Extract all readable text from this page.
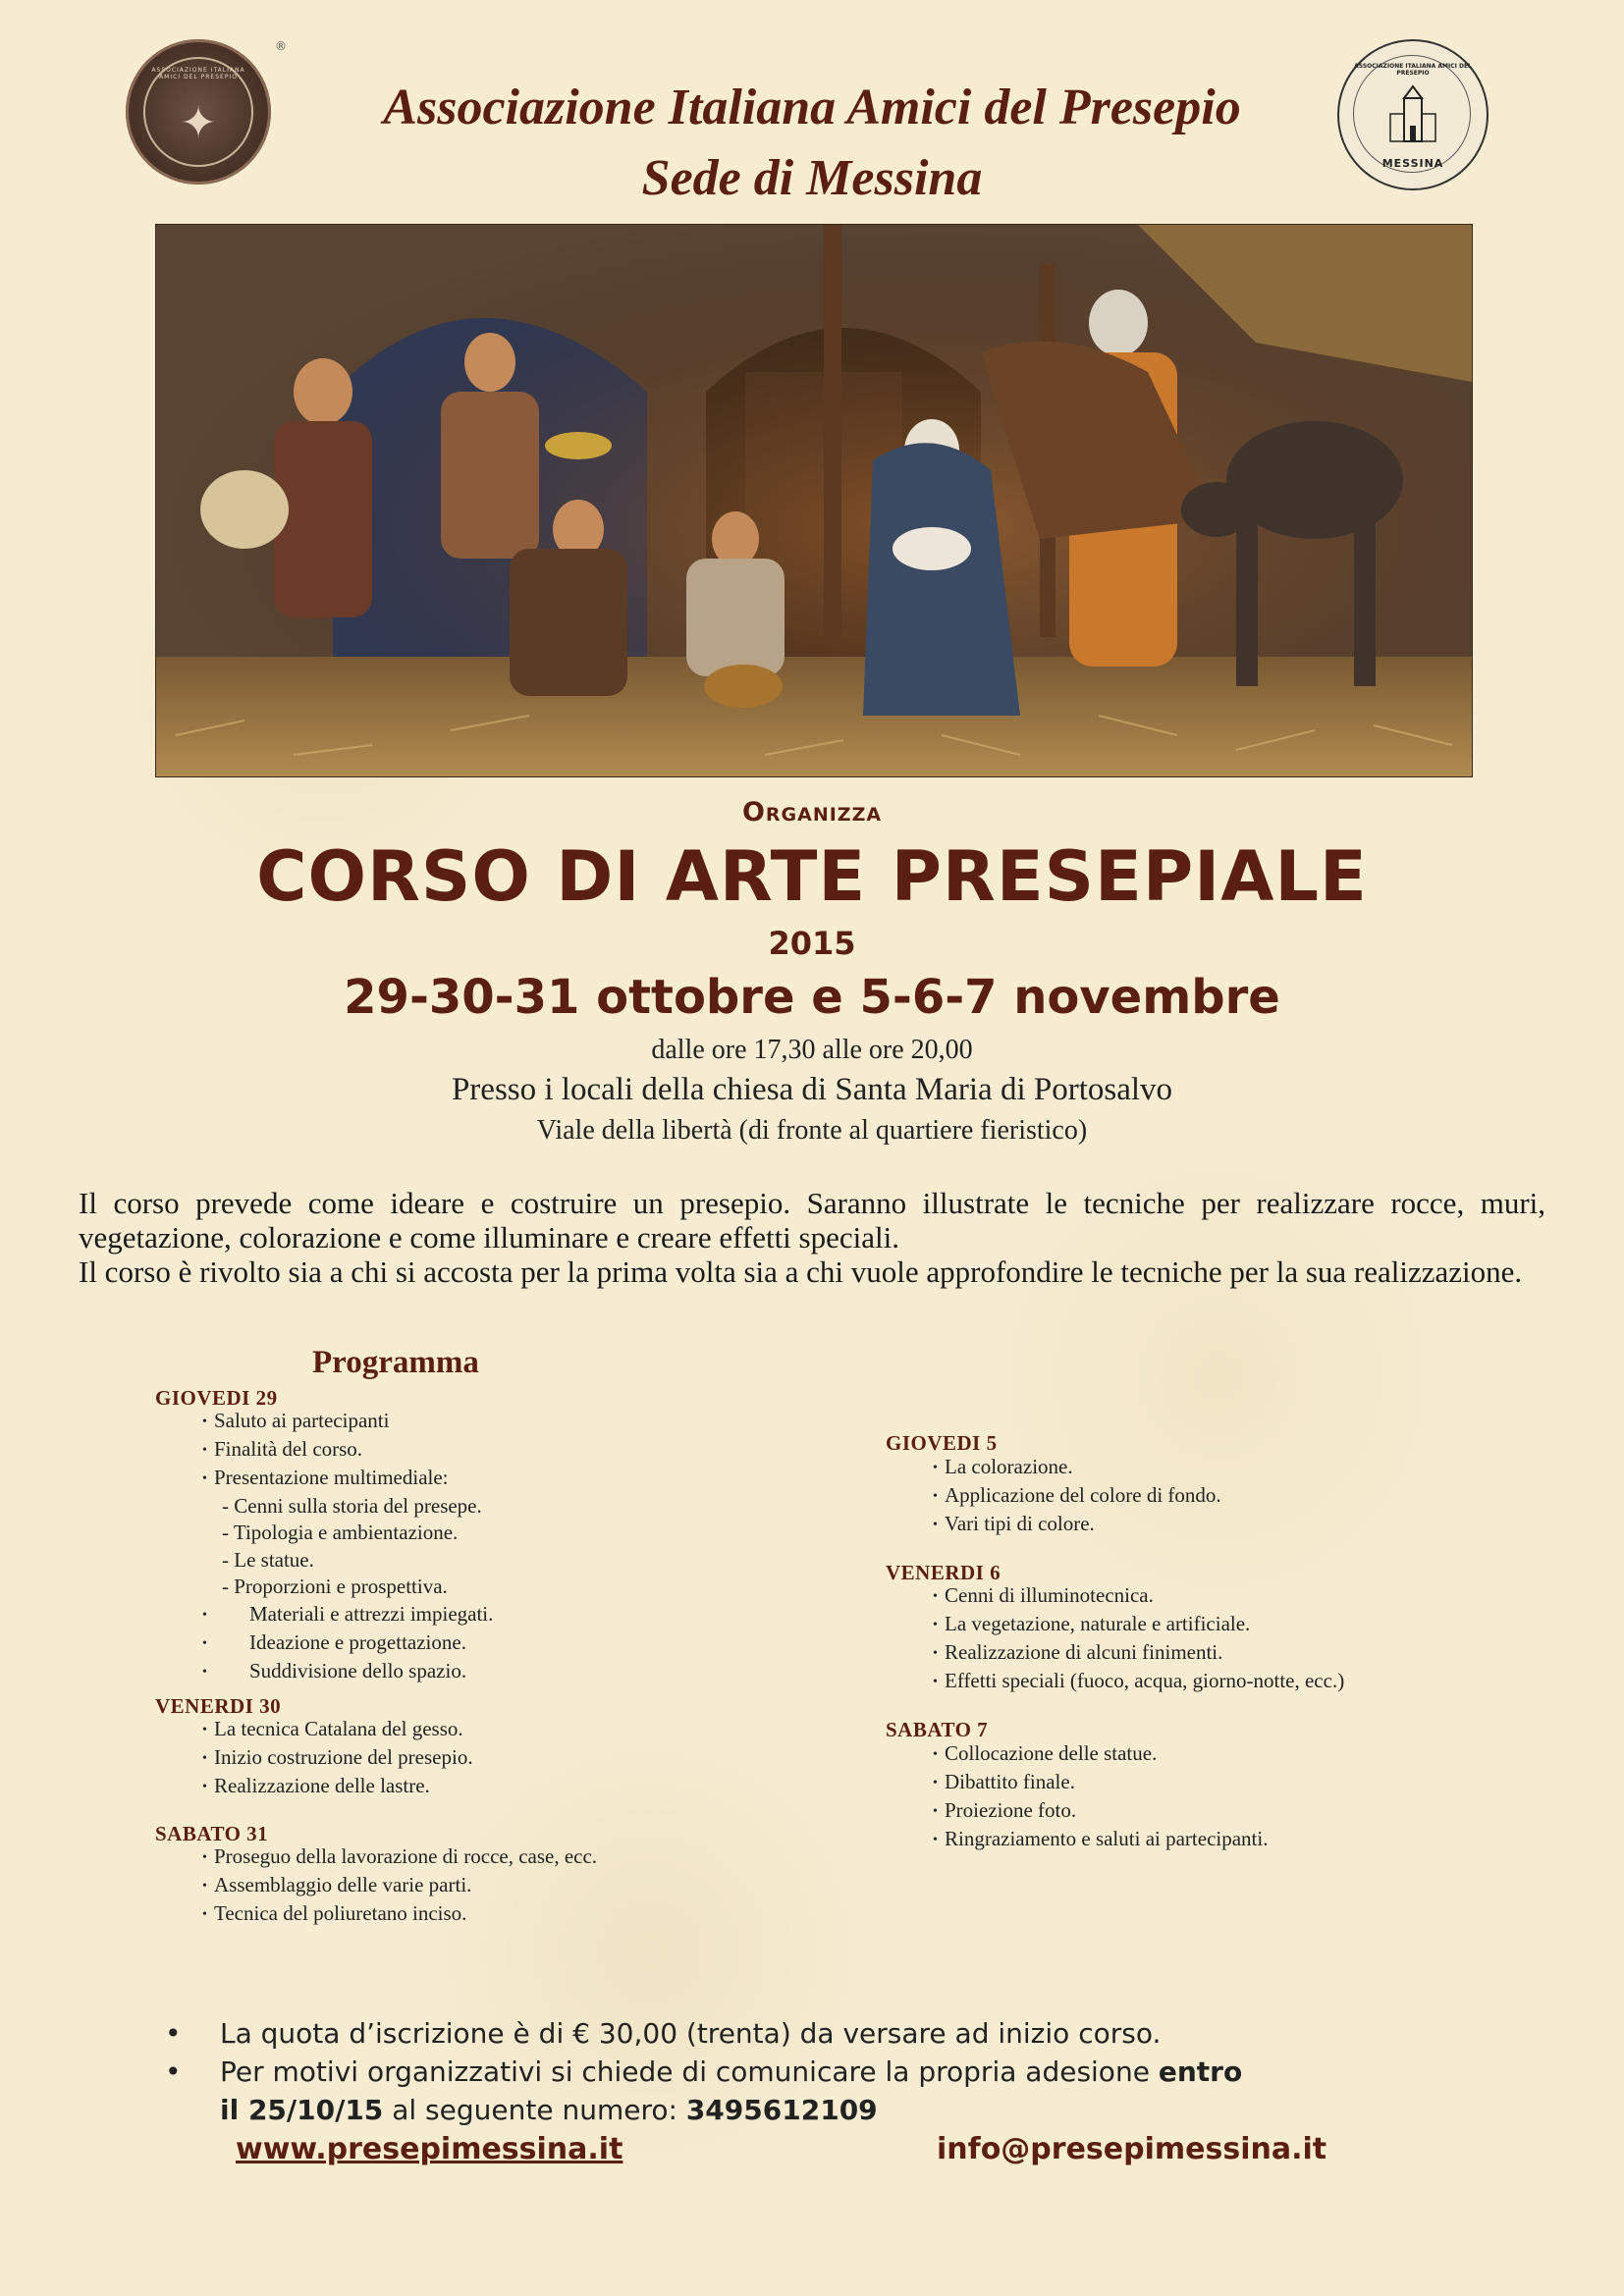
ASSOCIAZIONE ITALIANA AMICI DEL PRESEPIO
✦
®
ASSOCIAZIONE ITALIANA AMICI DEL PRESEPIO
MESSINA
Associazione Italiana Amici del Presepio
Sede di Messina
Organizza
CORSO DI ARTE PRESEPIALE
2015
29-30-31 ottobre e 5-6-7 novembre
dalle ore 17,30 alle ore 20,00
Presso i locali della chiesa di Santa Maria di Portosalvo
Viale della libertà (di fronte al quartiere fieristico)

Il corso prevede come ideare e costruire un presepio. Saranno illustrate le tecniche per realizzare rocce, muri, vegetazione, colorazione e come illuminare e creare effetti speciali.

Il corso è rivolto sia a chi si accosta per la prima volta sia a chi vuole approfondire le tecniche per la sua realizzazione.

Programma
GIOVEDI 29
• Saluto ai partecipanti
• Finalità del corso.
• Presentazione multimediale:
- Cenni sulla storia del presepe.
- Tipologia e ambientazione.
- Le statue.
- Proporzioni e prospettiva.
• Materiali e attrezzi impiegati.
• Ideazione e progettazione.
• Suddivisione dello spazio.
VENERDI 30
• La tecnica Catalana del gesso.
• Inizio costruzione del presepio.
• Realizzazione delle lastre.
SABATO 31
• Proseguo della lavorazione di rocce, case, ecc.
• Assemblaggio delle varie parti.
• Tecnica del poliuretano inciso.
GIOVEDI 5
• La colorazione.
• Applicazione del colore di fondo.
• Vari tipi di colore.
VENERDI 6
• Cenni di illuminotecnica.
• La vegetazione, naturale e artificiale.
• Realizzazione di alcuni finimenti.
• Effetti speciali (fuoco, acqua, giorno-notte, ecc.)
SABATO 7
• Collocazione delle statue.
• Dibattito finale.
• Proiezione foto.
• Ringraziamento e saluti ai partecipanti.
• La quota d’iscrizione è di € 30,00 (trenta) da versare ad inizio corso.
• Per motivi organizzativi si chiede di comunicare la propria adesione entro
il 25/10/15 al seguente numero: 3495612109
www.presepimessina.it	info@presepimessina.it
